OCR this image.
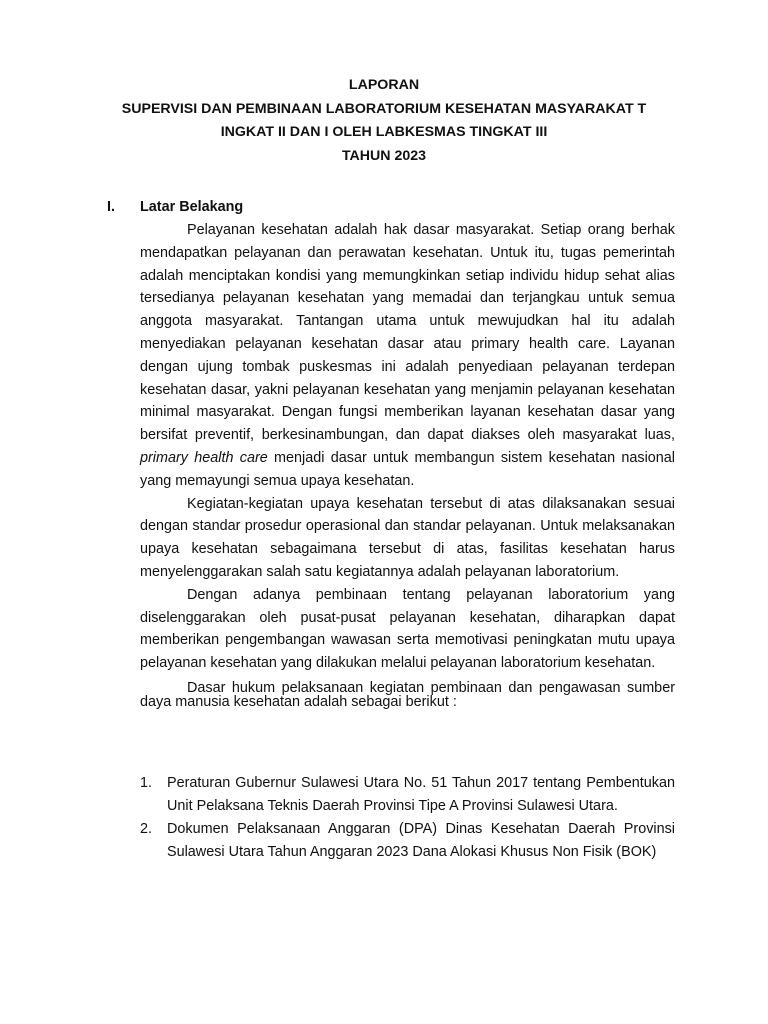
LAPORAN
SUPERVISI DAN PEMBINAAN LABORATORIUM KESEHATAN MASYARAKAT T
INGKAT II DAN I OLEH LABKESMAS TINGKAT III
TAHUN 2023
I. Latar Belakang

Pelayanan kesehatan adalah hak dasar masyarakat. Setiap orang berhak mendapatkan pelayanan dan perawatan kesehatan. Untuk itu, tugas pemerintah adalah menciptakan kondisi yang memungkinkan setiap individu hidup sehat alias tersedianya pelayanan kesehatan yang memadai dan terjangkau untuk semua anggota masyarakat. Tantangan utama untuk mewujudkan hal itu adalah menyediakan pelayanan kesehatan dasar atau primary health care. Layanan dengan ujung tombak puskesmas ini adalah penyediaan pelayanan terdepan kesehatan dasar, yakni pelayanan kesehatan yang menjamin pelayanan kesehatan minimal masyarakat. Dengan fungsi memberikan layanan kesehatan dasar yang bersifat preventif, berkesinambungan, dan dapat diakses oleh masyarakat luas, primary health care menjadi dasar untuk membangun sistem kesehatan nasional yang memayungi semua upaya kesehatan.

Kegiatan-kegiatan upaya kesehatan tersebut di atas dilaksanakan sesuai dengan standar prosedur operasional dan standar pelayanan. Untuk melaksanakan upaya kesehatan sebagaimana tersebut di atas, fasilitas kesehatan harus menyelenggarakan salah satu kegiatannya adalah pelayanan laboratorium.

Dengan adanya pembinaan tentang pelayanan laboratorium yang diselenggarakan oleh pusat-pusat pelayanan kesehatan, diharapkan dapat memberikan pengembangan wawasan serta memotivasi peningkatan mutu upaya pelayanan kesehatan yang dilakukan melalui pelayanan laboratorium kesehatan.

Dasar hukum pelaksanaan kegiatan pembinaan dan pengawasan sumber daya manusia kesehatan adalah sebagai berikut :

1. Peraturan Gubernur Sulawesi Utara No. 51 Tahun 2017 tentang Pembentukan Unit Pelaksana Teknis Daerah Provinsi Tipe A Provinsi Sulawesi Utara.
2. Dokumen Pelaksanaan Anggaran (DPA) Dinas Kesehatan Daerah Provinsi Sulawesi Utara Tahun Anggaran 2023 Dana Alokasi Khusus Non Fisik (BOK)
